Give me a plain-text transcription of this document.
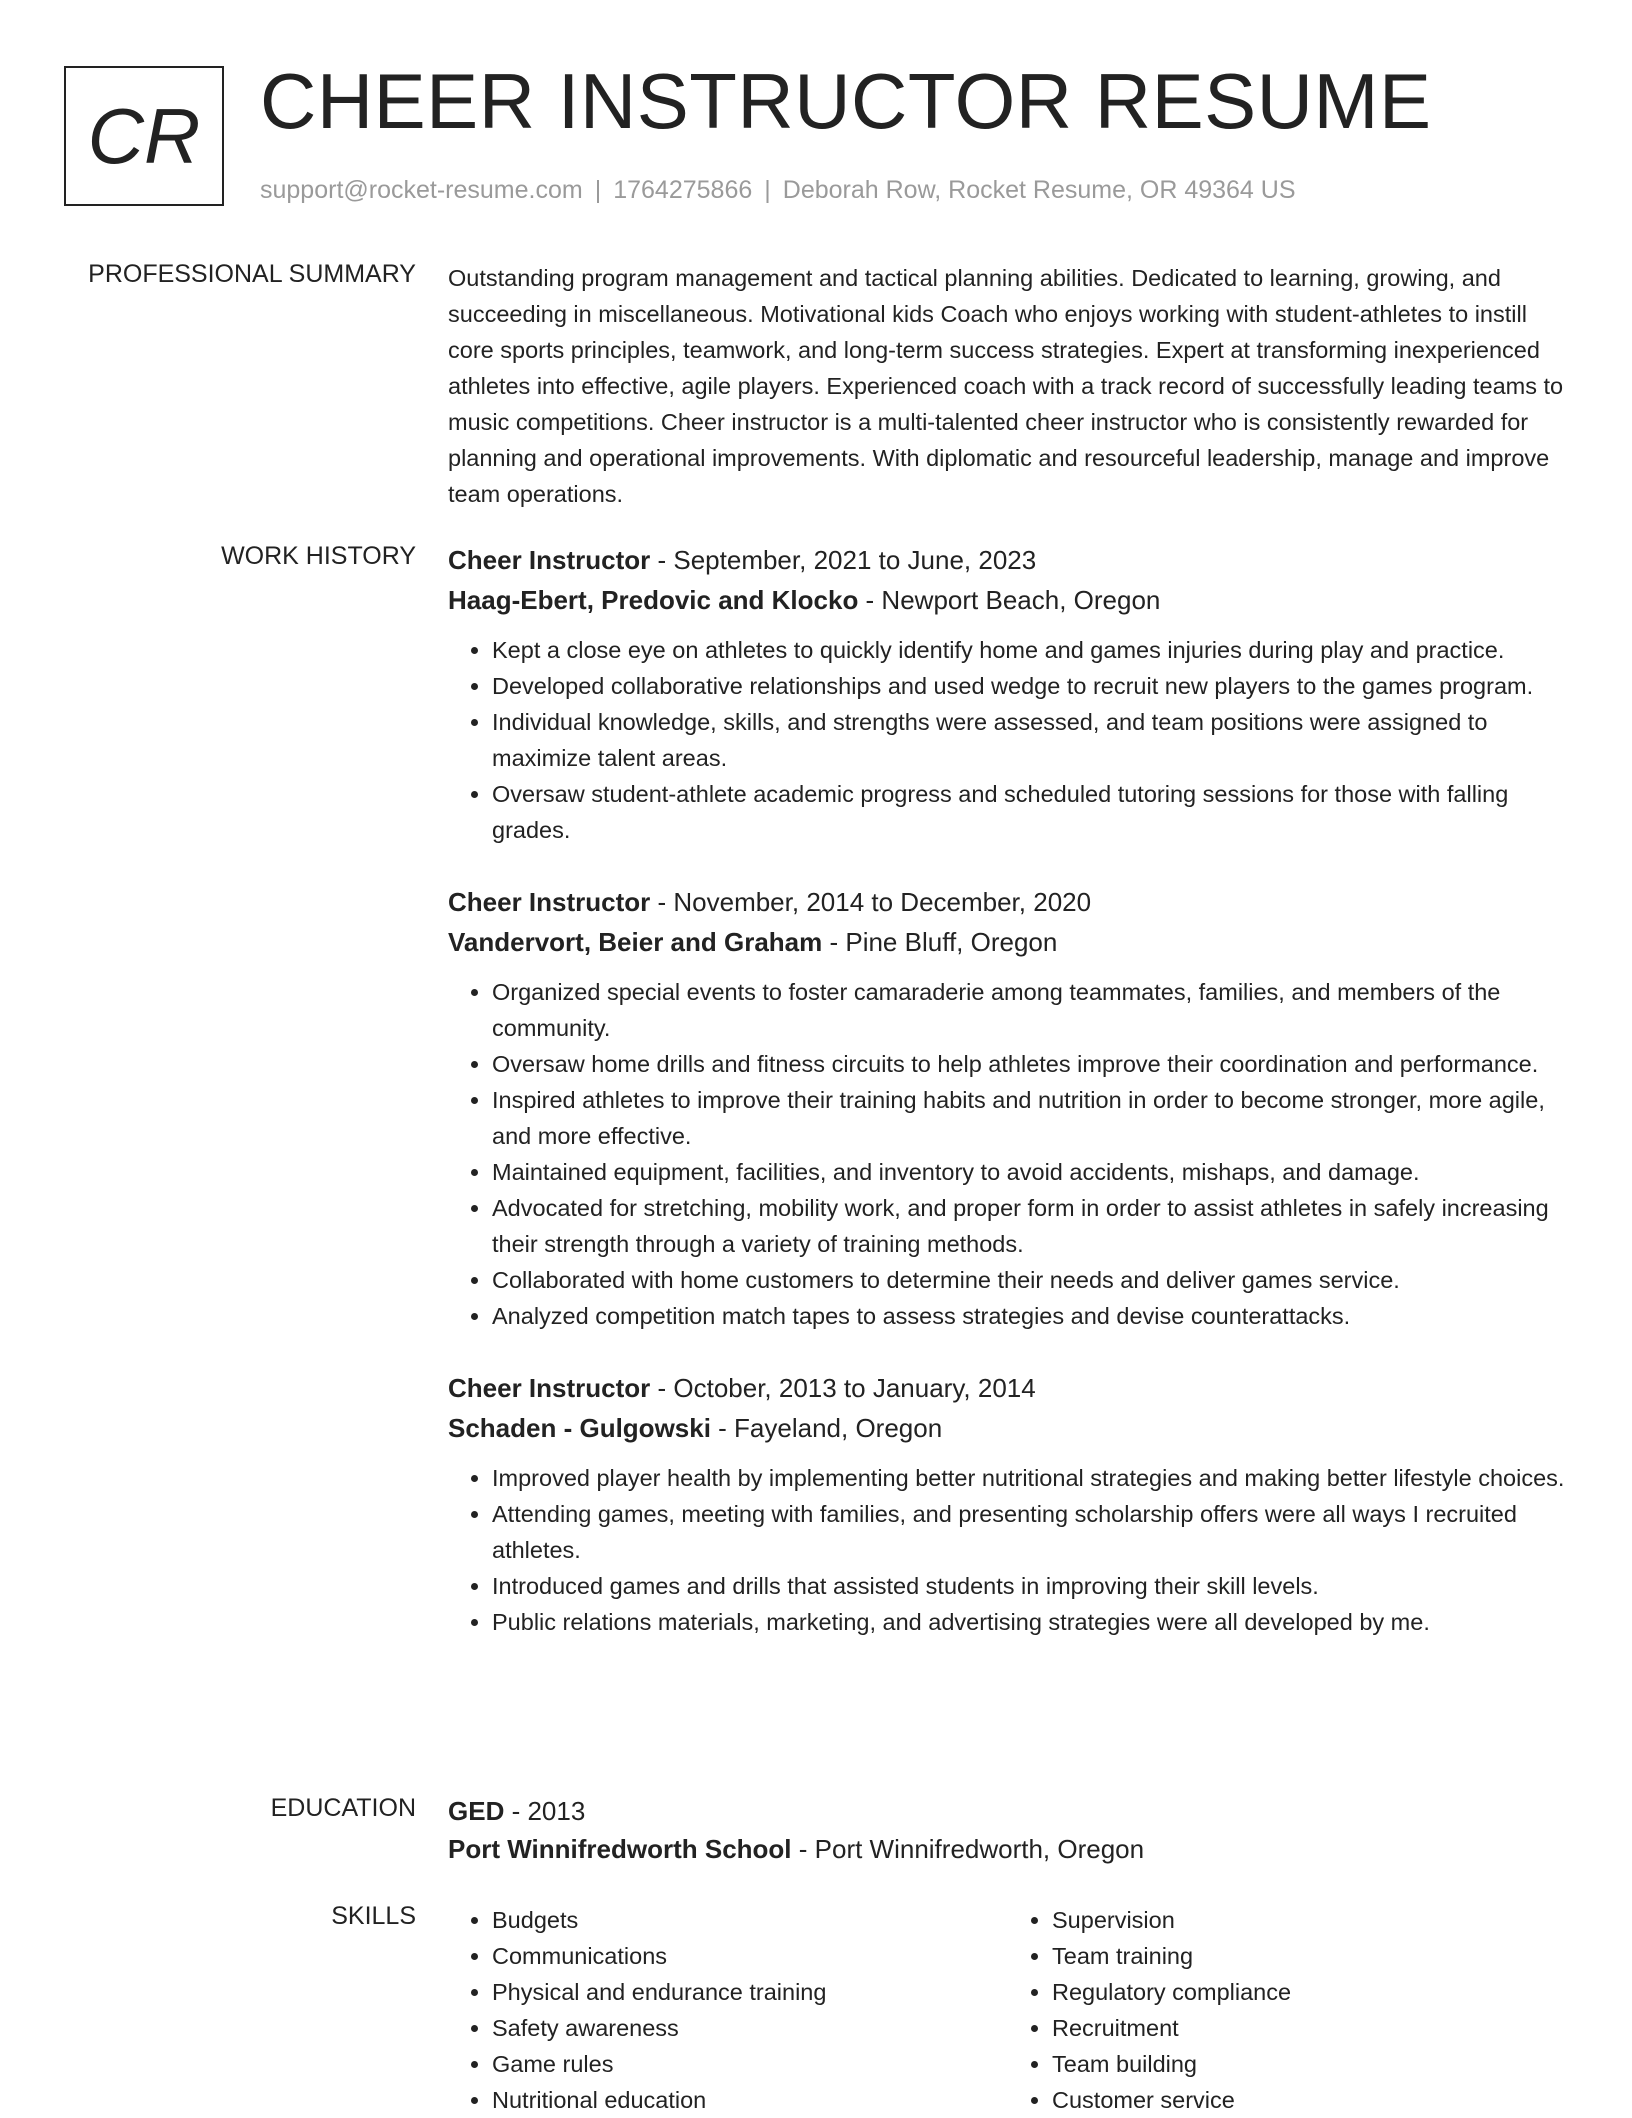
CR CHEER INSTRUCTOR RESUME
support@rocket-resume.com | 1764275866 | Deborah Row, Rocket Resume, OR 49364 US
PROFESSIONAL SUMMARY Outstanding program management and tactical planning abilities. Dedicated to learning, growing, and succeeding in miscellaneous. Motivational kids Coach who enjoys working with student-athletes to instill core sports principles, teamwork, and long-term success strategies. Expert at transforming inexperienced athletes into effective, agile players. Experienced coach with a track record of successfully leading teams to music competitions. Cheer instructor is a multi-talented cheer instructor who is consistently rewarded for planning and operational improvements. With diplomatic and resourceful leadership, manage and improve team operations.

WORK HISTORY Cheer Instructor - September, 2021 to June, 2023
Haag-Ebert, Predovic and Klocko - Newport Beach, Oregon
• Kept a close eye on athletes to quickly identify home and games injuries during play and practice.
• Developed collaborative relationships and used wedge to recruit new players to the games program.
• Individual knowledge, skills, and strengths were assessed, and team positions were assigned to maximize talent areas.
• Oversaw student-athlete academic progress and scheduled tutoring sessions for those with falling grades.
Cheer Instructor - November, 2014 to December, 2020
Vandervort, Beier and Graham - Pine Bluff, Oregon
• Organized special events to foster camaraderie among teammates, families, and members of the community.
• Oversaw home drills and fitness circuits to help athletes improve their coordination and performance.
• Inspired athletes to improve their training habits and nutrition in order to become stronger, more agile, and more effective.
• Maintained equipment, facilities, and inventory to avoid accidents, mishaps, and damage.
• Advocated for stretching, mobility work, and proper form in order to assist athletes in safely increasing their strength through a variety of training methods.
• Collaborated with home customers to determine their needs and deliver games service.
• Analyzed competition match tapes to assess strategies and devise counterattacks.
Cheer Instructor - October, 2013 to January, 2014
Schaden - Gulgowski - Fayeland, Oregon
• Improved player health by implementing better nutritional strategies and making better lifestyle choices.
• Attending games, meeting with families, and presenting scholarship offers were all ways I recruited athletes.
• Introduced games and drills that assisted students in improving their skill levels.
• Public relations materials, marketing, and advertising strategies were all developed by me.
EDUCATION GED - 2013
Port Winnifredworth School - Port Winnifredworth, Oregon
SKILLS
•	Budgets
• Communications
• Physical and endurance training
• Safety awareness
• Game rules
• Nutritional education
• Supervision
• Team training
• Regulatory compliance
• Recruitment
• Team building
• Customer service
